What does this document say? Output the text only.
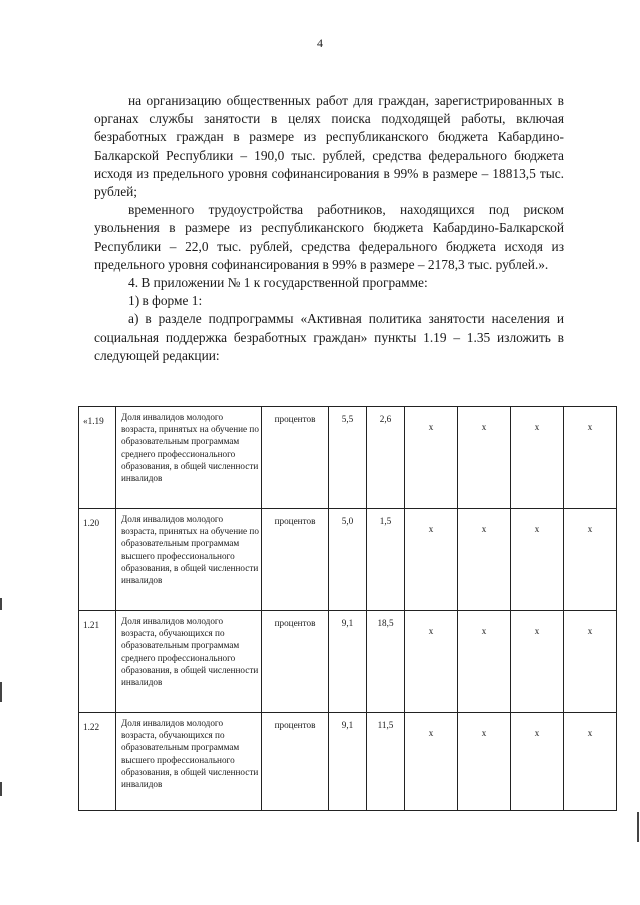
4

на организацию общественных работ для граждан, зарегистрированных в органах службы занятости в целях поиска подходящей работы, включая безработных граждан в размере из республиканского бюджета Кабардино-Балкарской Республики – 190,0 тыс. рублей, средства федерального бюджета исходя из предельного уровня софинансирования в 99% в размере – 18813,5 тыс. рублей;

временного трудоустройства работников, находящихся под риском увольнения в размере из республиканского бюджета Кабардино-Балкарской Республики – 22,0 тыс. рублей, средства федерального бюджета исходя из предельного уровня софинансирования в 99% в размере – 2178,3 тыс. рублей.».

4. В приложении № 1 к государственной программе:

1) в форме 1:

а) в разделе подпрограммы «Активная политика занятости населения и социальная поддержка безработных граждан» пункты 1.19 – 1.35 изложить в следующей редакции:

«1.19	Доля инвалидов молодого возраста, принятых на обучение по образовательным программам среднего профессионального образования, в общей численности инвалидов	процентов	5,5	2,6	х	х	х	х

1.20	Доля инвалидов молодого возраста, принятых на обучение по образовательным программам высшего профессионального образования, в общей численности инвалидов	процентов	5,0	1,5	х	х	х	х

1.21	Доля инвалидов молодого возраста, обучающихся по образовательным программам среднего профессионального образования, в общей численности инвалидов	процентов	9,1	18,5	х	х	х	х

1.22	Доля инвалидов молодого возраста, обучающихся по образовательным программам высшего профессионального образования, в общей численности инвалидов	процентов	9,1	11,5	х	х	х	х
